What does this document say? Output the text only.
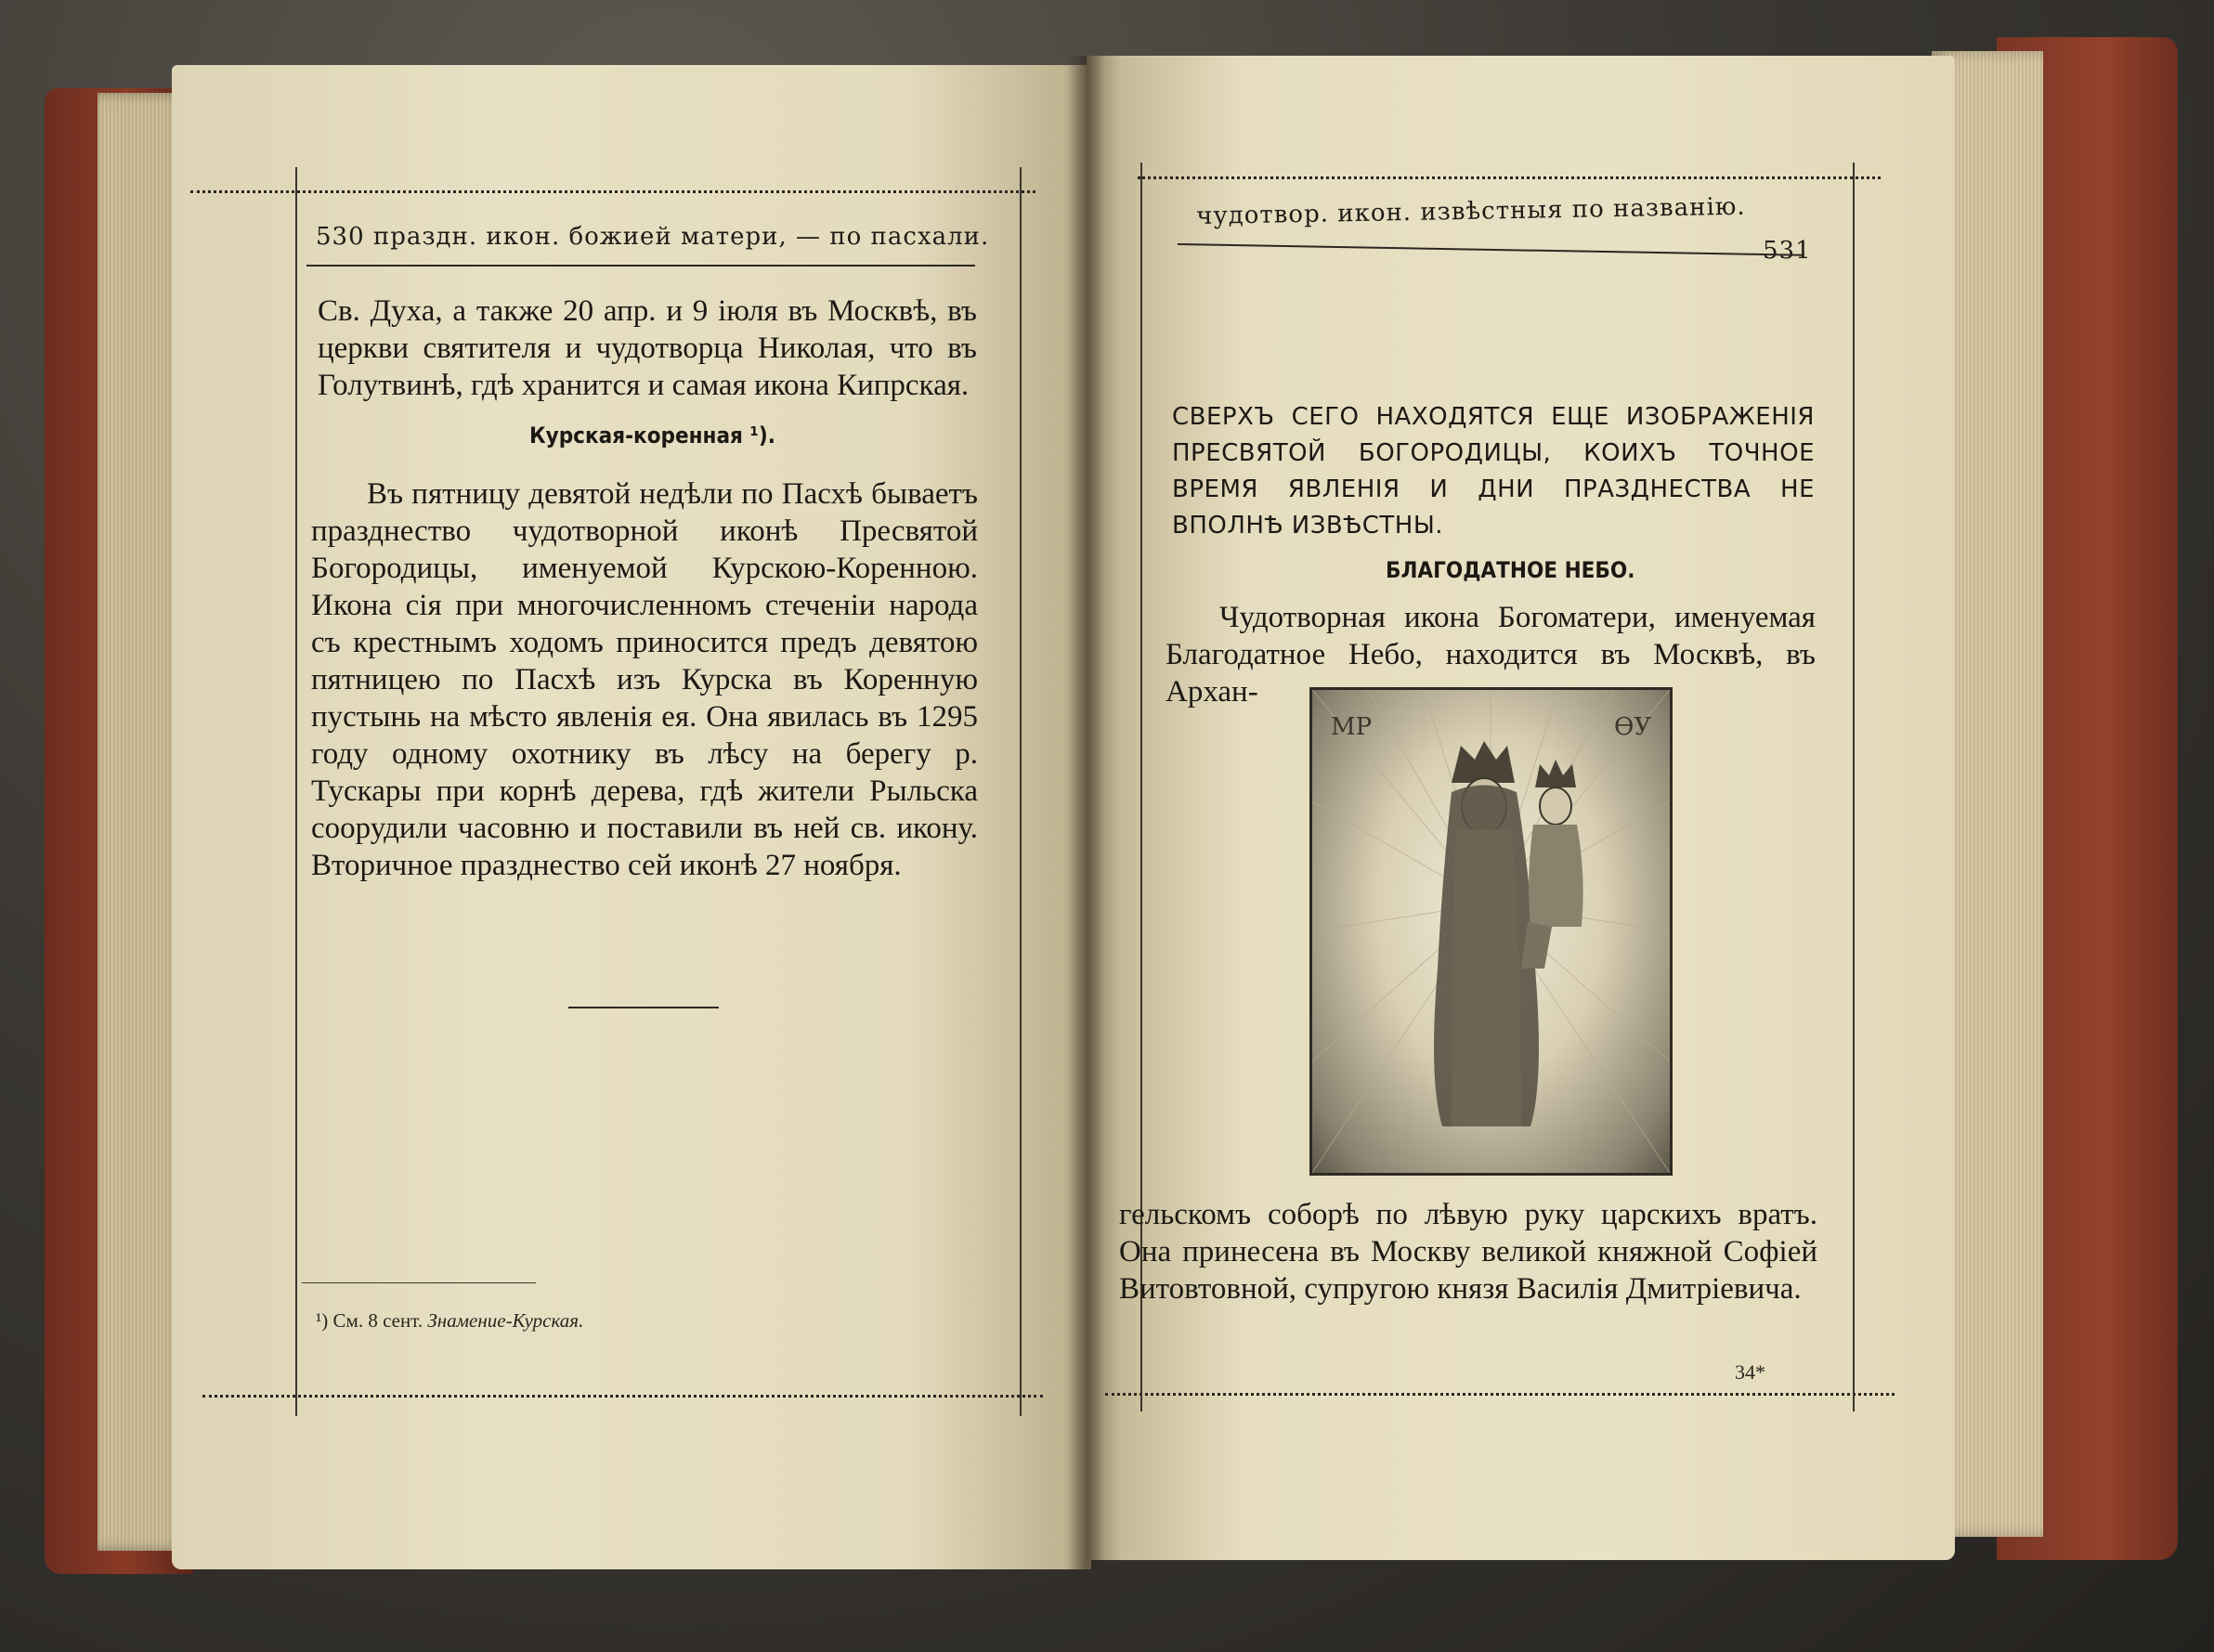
530 праздн. икон. божией матери, — по пасхали.

Св. Духа, а также 20 апр. и 9 іюля въ Москвѣ, въ церкви святителя и чудотворца Николая, что въ Голутвинѣ, гдѣ хранится и самая икона Кипрская.

Курская-коренная ¹).

Въ пятницу девятой недѣли по Пасхѣ бываетъ празднество чудотворной иконѣ Пресвятой Богородицы, именуемой Курскою-Коренною. Икона сія при многочисленномъ стеченіи народа съ крестнымъ ходомъ приносится предъ девятою пятницею по Пасхѣ изъ Курска въ Коренную пустынь на мѣсто явленія ея. Она явилась въ 1295 году одному охотнику въ лѣсу на берегу р. Тускары при корнѣ дерева, гдѣ жители Рыльска соорудили часовню и поставили въ ней св. икону. Вторичное празднество сей иконѣ 27 ноября.

¹) См. 8 сент. Знамение-Курская.
чудотвор. икон. извѣстныя по названію.
531

СВЕРХЪ СЕГО НАХОДЯТСЯ ЕЩЕ ИЗОБРАЖЕНІЯ ПРЕСВЯТОЙ БОГОРОДИЦЫ, КОИХЪ ТОЧНОЕ ВРЕМЯ ЯВЛЕНІЯ И ДНИ ПРАЗДНЕСТВА НЕ ВПОЛНѢ ИЗВѢСТНЫ.

БЛАГОДАТНОЕ НЕБО.

Чудотворная икона Богоматери, именуемая Благодатное Небо, находится въ Москвѣ, въ Архан-

МР	ѲУ

гельскомъ соборѣ по лѣвую руку царскихъ вратъ. Она принесена въ Москву великой княжной Софіей Витовтовной, супругою князя Василія Дмитріевича.

34*
